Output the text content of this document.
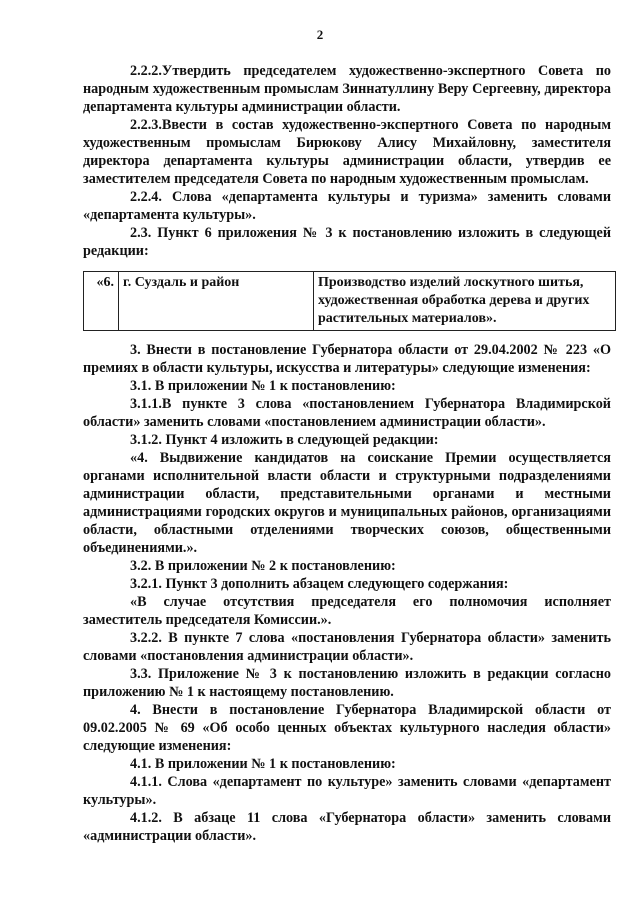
2

2.2.2.Утвердить председателем художественно-экспертного Совета по народным художественным промыслам Зиннатуллину Веру Сергеевну, директора департамента культуры администрации области.

2.2.3.Ввести в состав художественно-экспертного Совета по народным художественным промыслам Бирюкову Алису Михайловну, заместителя директора департамента культуры администрации области, утвердив ее заместителем председателя Совета по народным художественным промыслам.

2.2.4. Слова «департамента культуры и туризма» заменить словами «департамента культуры».

2.3. Пункт 6 приложения № 3 к постановлению изложить в следующей редакции:

«6.	г. Суздаль и район	Производство изделий лоскутного шитья, художественная обработка дерева и других растительных материалов».

3. Внести в постановление Губернатора области от 29.04.2002 № 223 «О премиях в области культуры, искусства и литературы» следующие изменения:

3.1. В приложении № 1 к постановлению:

3.1.1.В пункте 3 слова «постановлением Губернатора Владимирской области» заменить словами «постановлением администрации области».

3.1.2. Пункт 4 изложить в следующей редакции:

«4. Выдвижение кандидатов на соискание Премии осуществляется органами исполнительной власти области и структурными подразделениями администрации области, представительными органами и местными администрациями городских округов и муниципальных районов, организациями области, областными отделениями творческих союзов, общественными объединениями.».

3.2. В приложении № 2 к постановлению:

3.2.1. Пункт 3 дополнить абзацем следующего содержания:

«В случае отсутствия председателя его полномочия исполняет заместитель председателя Комиссии.».

3.2.2. В пункте 7 слова «постановления Губернатора области» заменить словами «постановления администрации области».

3.3. Приложение № 3 к постановлению изложить в редакции согласно приложению № 1 к настоящему постановлению.

4. Внести в постановление Губернатора Владимирской области от 09.02.2005 № 69 «Об особо ценных объектах культурного наследия области» следующие изменения:

4.1. В приложении № 1 к постановлению:

4.1.1. Слова «департамент по культуре» заменить словами «департамент культуры».

4.1.2. В абзаце 11 слова «Губернатора области» заменить словами «администрации области».
